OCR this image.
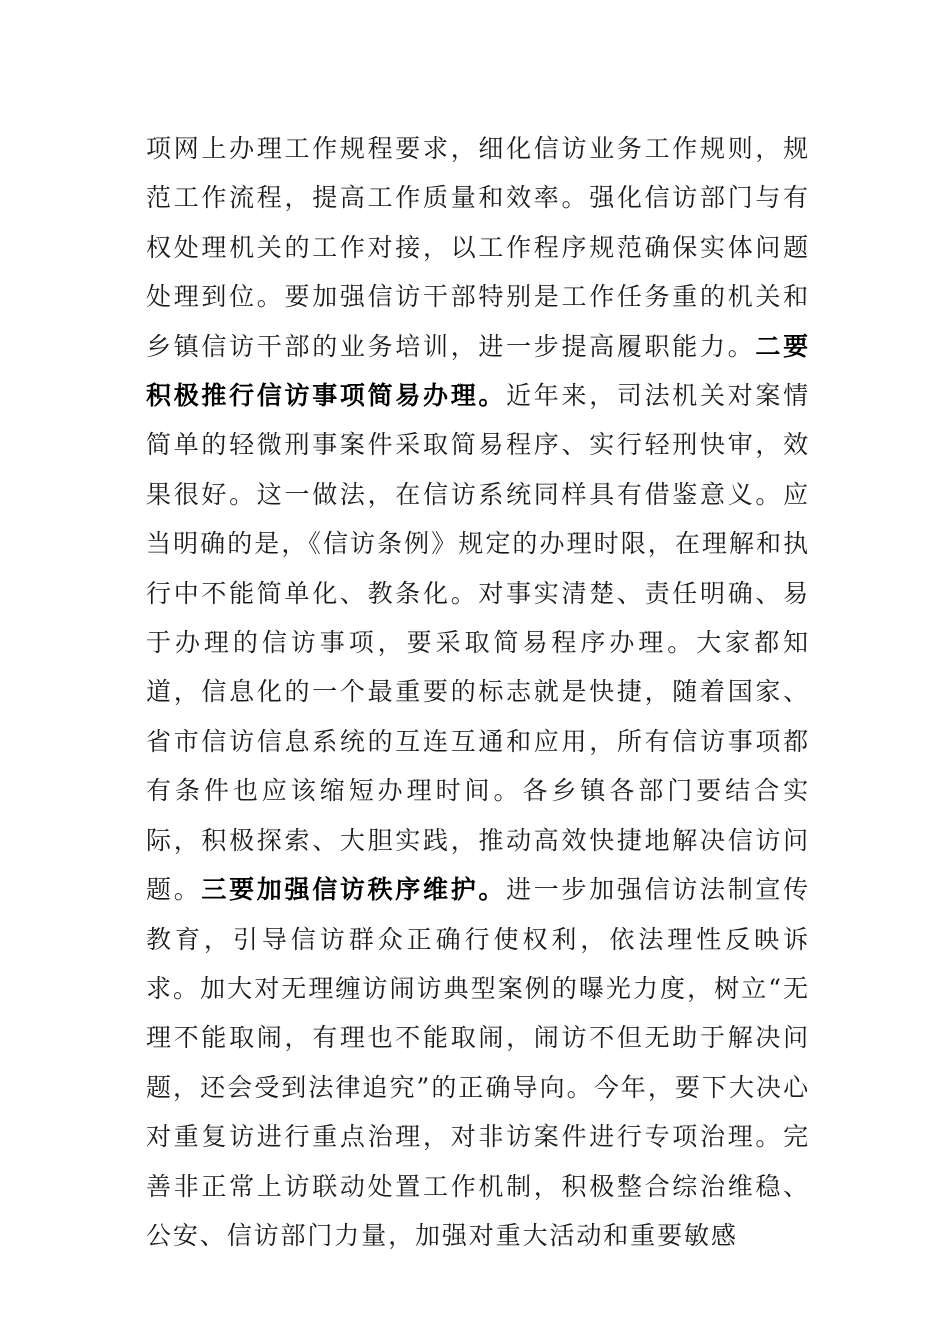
项网上办理工作规程要求，细化信访业务工作规则，规范工作流程，提高工作质量和效率。强化信访部门与有权处理机关的工作对接，以工作程序规范确保实体问题处理到位。要加强信访干部特别是工作任务重的机关和乡镇信访干部的业务培训，进一步提高履职能力。二要积极推行信访事项简易办理。近年来，司法机关对案情简单的轻微刑事案件采取简易程序、实行轻刑快审，效果很好。这一做法，在信访系统同样具有借鉴意义。应当明确的是，《信访条例》规定的办理时限，在理解和执行中不能简单化、教条化。对事实清楚、责任明确、易于办理的信访事项，要采取简易程序办理。大家都知道，信息化的一个最重要的标志就是快捷，随着国家、省市信访信息系统的互连互通和应用，所有信访事项都有条件也应该缩短办理时间。各乡镇各部门要结合实际，积极探索、大胆实践，推动高效快捷地解决信访问题。三要加强信访秩序维护。进一步加强信访法制宣传教育，引导信访群众正确行使权利，依法理性反映诉求。加大对无理缠访闹访典型案例的曝光力度，树立“无理不能取闹，有理也不能取闹，闹访不但无助于解决问题，还会受到法律追究”的正确导向。今年，要下大决心对重复访进行重点治理，对非访案件进行专项治理。完善非正常上访联动处置工作机制，积极整合综治维稳、公安、信访部门力量，加强对重大活动和重要敏感
